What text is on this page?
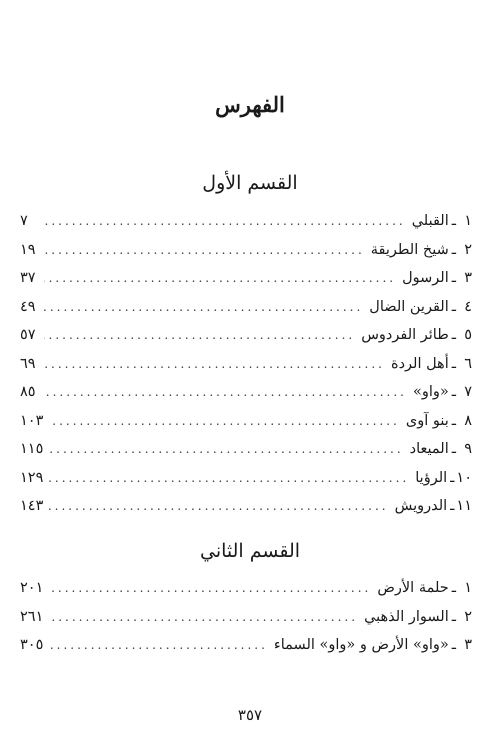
الفهرس
القسم الأول
١
ـ
القبلي
.....
٧
٢
ـ
شيخ الطريقة
.....
١٩
٣
ـ
الرسول
.....
٣٧
٤
ـ
القرين الضال
.....
٤٩
٥
ـ
طائر الفردوس
.....
٥٧
٦
ـ
أهل الردة
.....
٦٩
٧
ـ
«واو»
.....
٨٥
٨
ـ
بنو آوى
.....
١٠٣
٩
ـ
الميعاد
.....
١١٥
١٠
ـ
الرؤيا
.....
١٢٩
١١
ـ
الدرويش
.....
١٤٣
القسم الثاني
١
ـ
حلمة الأرض
.....
٢٠١
٢
ـ
السوار الذهبي
.....
٢٦١
٣
ـ
«واو» الأرض و «واو» السماء
.....
٣٠٥
٣٥٧
